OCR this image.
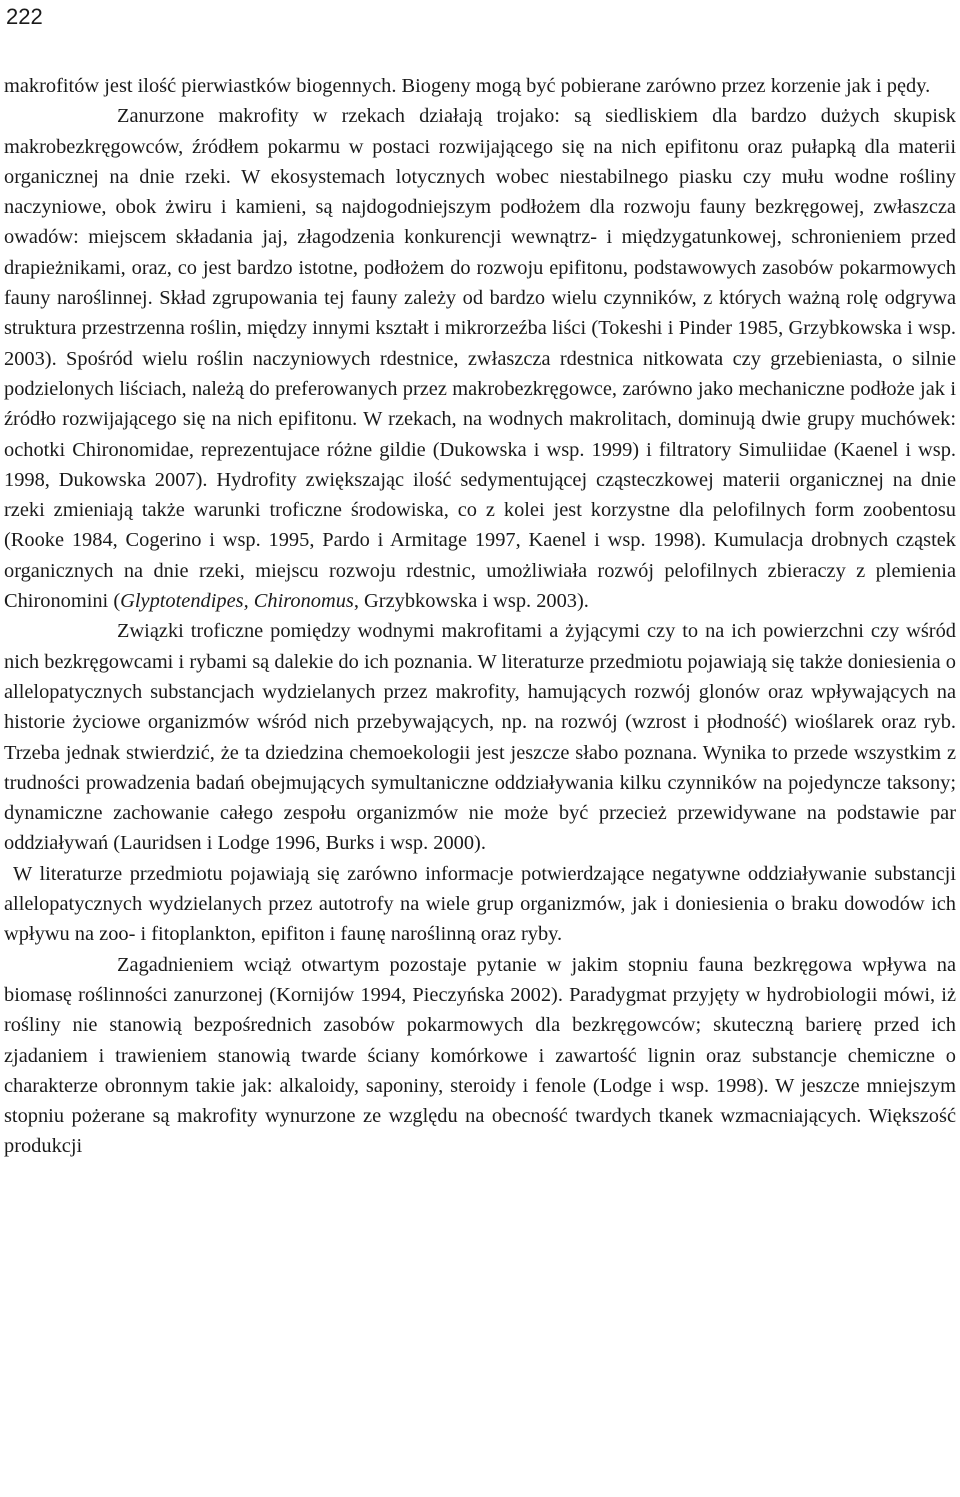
222

makrofitów jest ilość pierwiastków biogennych. Biogeny mogą być pobierane zarówno przez korzenie jak i pędy.

Zanurzone makrofity w rzekach działają trojako: są siedliskiem dla bardzo dużych skupisk makrobezkręgowców, źródłem pokarmu w postaci rozwijającego się na nich epifitonu oraz pułapką dla materii organicznej na dnie rzeki. W ekosystemach lotycznych wobec niestabilnego piasku czy mułu wodne rośliny naczyniowe, obok żwiru i kamieni, są najdogodniejszym podłożem dla rozwoju fauny bezkręgowej, zwłaszcza owadów: miejscem składania jaj, złagodzenia konkurencji wewnątrz- i międzygatunkowej, schronieniem przed drapieżnikami, oraz, co jest bardzo istotne, podłożem do rozwoju epifitonu, podstawowych zasobów pokarmowych fauny naroślinnej. Skład zgrupowania tej fauny zależy od bardzo wielu czynników, z których ważną rolę odgrywa struktura przestrzenna roślin, między innymi kształt i mikrorzeźba liści (Tokeshi i Pinder 1985, Grzybkowska i wsp. 2003). Spośród wielu roślin naczyniowych rdestnice, zwłaszcza rdestnica nitkowata czy grzebieniasta, o silnie podzielonych liściach, należą do preferowanych przez makrobezkręgowce, zarówno jako mechaniczne podłoże jak i źródło rozwijającego się na nich epifitonu. W rzekach, na wodnych makrolitach, dominują dwie grupy muchówek: ochotki Chironomidae, reprezentujace różne gildie (Dukowska i wsp. 1999) i filtratory Simuliidae (Kaenel i wsp. 1998, Dukowska 2007). Hydrofity zwiększając ilość sedymentującej cząsteczkowej materii organicznej na dnie rzeki zmieniają także warunki troficzne środowiska, co z kolei jest korzystne dla pelofilnych form zoobentosu (Rooke 1984, Cogerino i wsp. 1995, Pardo i Armitage 1997, Kaenel i wsp. 1998). Kumulacja drobnych cząstek organicznych na dnie rzeki, miejscu rozwoju rdestnic, umożliwiała rozwój pelofilnych zbieraczy z plemienia Chironomini (Glyptotendipes, Chironomus, Grzybkowska i wsp. 2003).

Związki troficzne pomiędzy wodnymi makrofitami a żyjącymi czy to na ich powierzchni czy wśród nich bezkręgowcami i rybami są dalekie do ich poznania. W literaturze przedmiotu pojawiają się także doniesienia o allelopatycznych substancjach wydzielanych przez makrofity, hamujących rozwój glonów oraz wpływających na historie życiowe organizmów wśród nich przebywających, np. na rozwój (wzrost i płodność) wioślarek oraz ryb. Trzeba jednak stwierdzić, że ta dziedzina chemoekologii jest jeszcze słabo poznana. Wynika to przede wszystkim z trudności prowadzenia badań obejmujących symultaniczne oddziaływania kilku czynników na pojedyncze taksony; dynamiczne zachowanie całego zespołu organizmów nie może być przecież przewidywane na podstawie par oddziaływań (Lauridsen i Lodge 1996, Burks i wsp. 2000).

W literaturze przedmiotu pojawiają się zarówno informacje potwierdzające negatywne oddziaływanie substancji allelopatycznych wydzielanych przez autotrofy na wiele grup organizmów, jak i doniesienia o braku dowodów ich wpływu na zoo- i fitoplankton, epifiton i faunę naroślinną oraz ryby.

Zagadnieniem wciąż otwartym pozostaje pytanie w jakim stopniu fauna bezkręgowa wpływa na biomasę roślinności zanurzonej (Kornijów 1994, Pieczyńska 2002). Paradygmat przyjęty w hydrobiologii mówi, iż rośliny nie stanowią bezpośrednich zasobów pokarmowych dla bezkręgowców; skuteczną barierę przed ich zjadaniem i trawieniem stanowią twarde ściany komórkowe i zawartość lignin oraz substancje chemiczne o charakterze obronnym takie jak: alkaloidy, saponiny, steroidy i fenole (Lodge i wsp. 1998). W jeszcze mniejszym stopniu pożerane są makrofity wynurzone ze względu na obecność twardych tkanek wzmacniających. Większość produkcji
